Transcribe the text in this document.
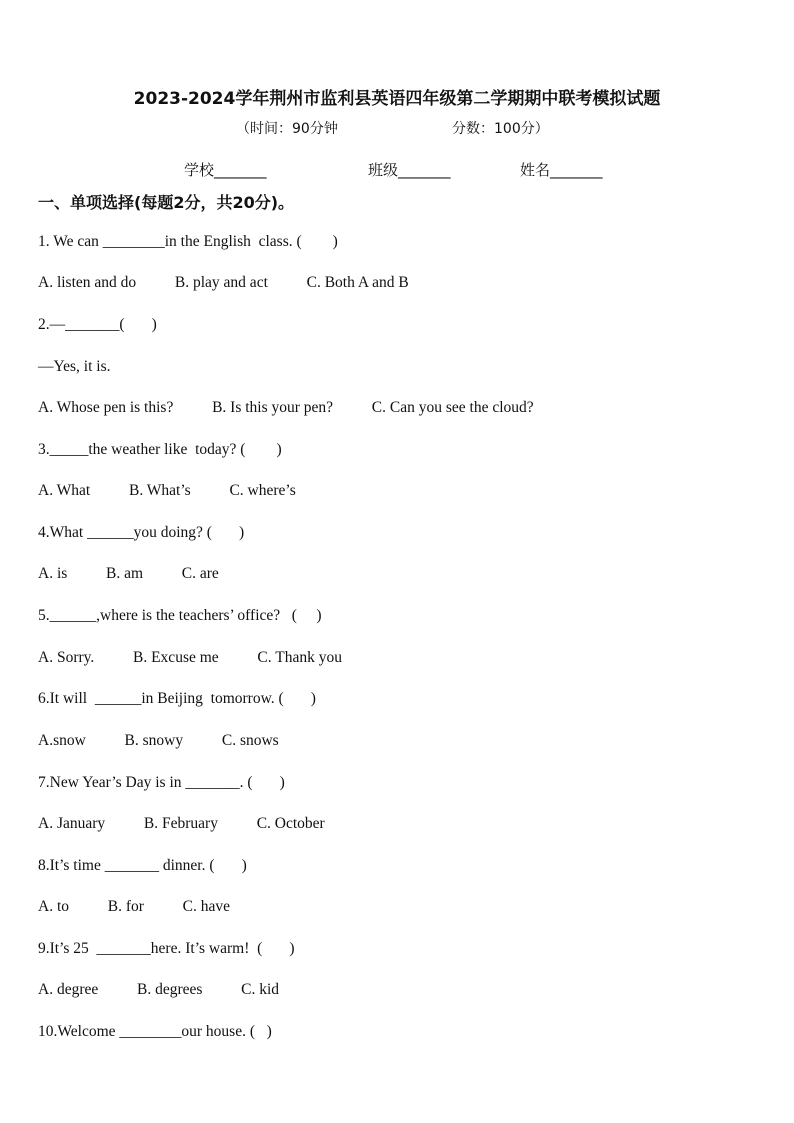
2023-2024学年荆州市监利县英语四年级第二学期期中联考模拟试题
（时间：90分钟	分数：100分）
学校_______	班级_______	姓名_______
一、单项选择(每题2分，共20分)。
1. We can ________in the English  class. (        )
A. listen and do          B. play and act          C. Both A and B
2.—_______(       )
—Yes, it is.
A. Whose pen is this?          B. Is this your pen?          C. Can you see the cloud?
3._____the weather like  today? (        )
A. What          B. What’s          C. where’s
4.What ______you doing? (       )
A. is          B. am          C. are
5.______,where is the teachers’ office?   (     )
A. Sorry.          B. Excuse me          C. Thank you
6.It will  ______in Beijing  tomorrow. (       )
A.snow          B. snowy          C. snows
7.New Year’s Day is in _______. (       )
A. January          B. February          C. October
8.It’s time _______ dinner. (       )
A. to          B. for          C. have
9.It’s 25  _______here. It’s warm!  (       )
A. degree          B. degrees          C. kid
10.Welcome ________our house. (   )
